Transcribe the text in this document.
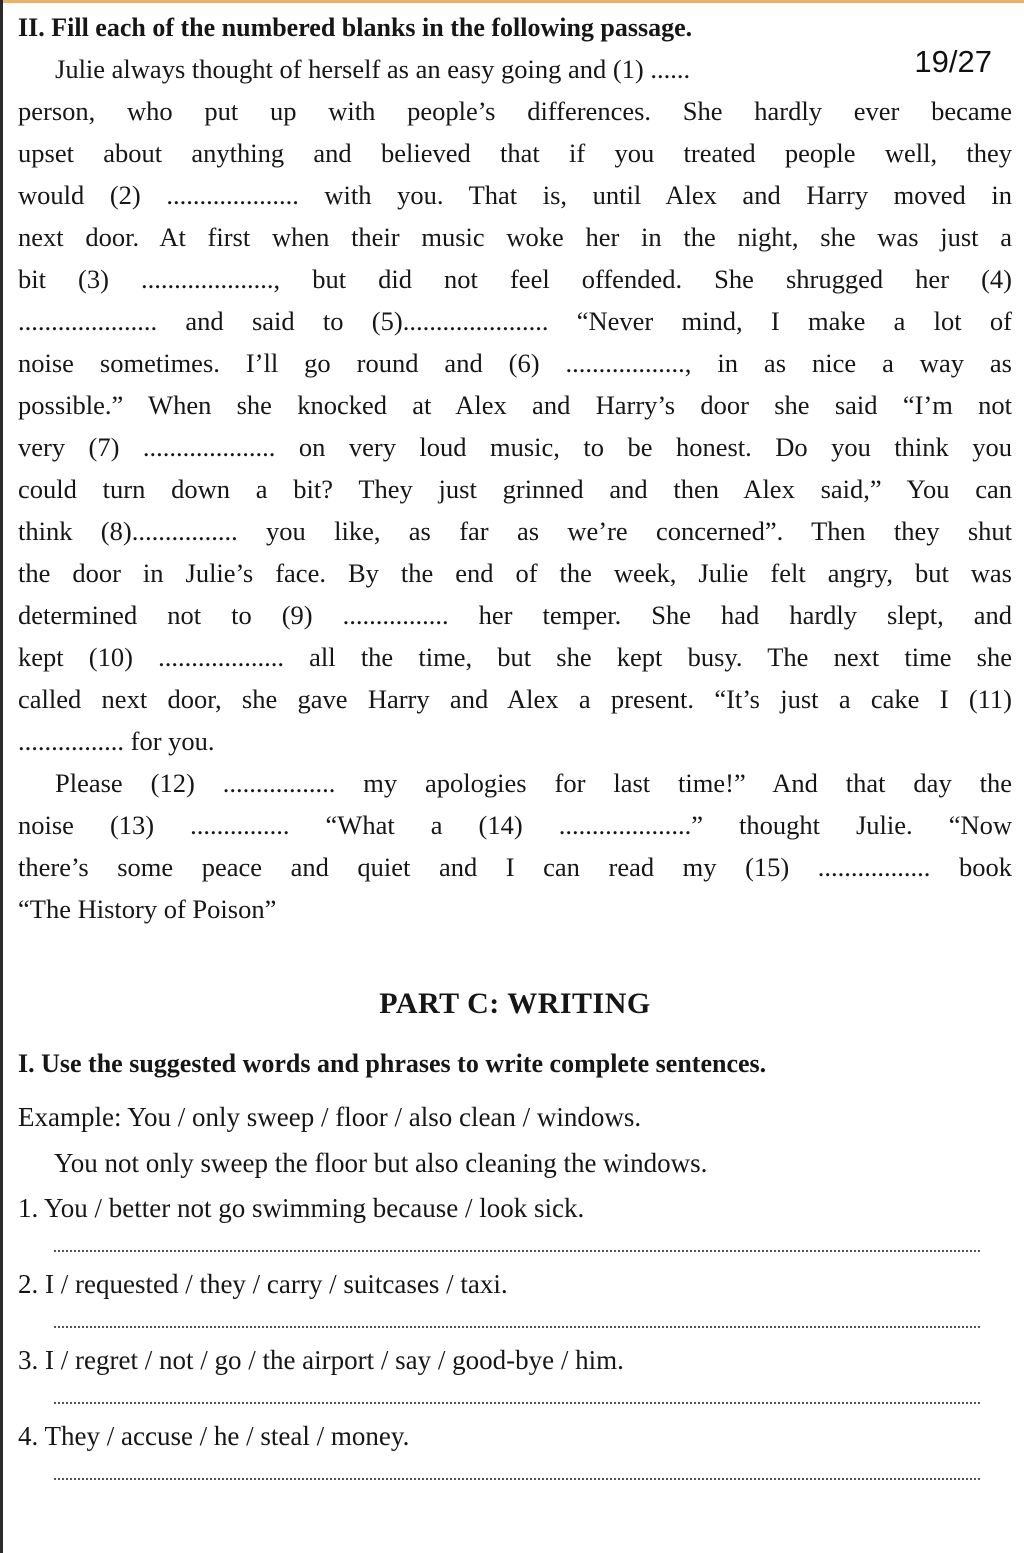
19/27
II. Fill each of the numbered blanks in the following passage.
Julie always thought of herself as an easy going and (1) ......
person, who put up with people’s differences. She hardly ever became
upset about anything and believed that if you treated people well, they
would (2) .................... with you. That is, until Alex and Harry moved in
next door. At first when their music woke her in the night, she was just a
bit (3) ...................., but did not feel offended. She shrugged her (4)
..................... and said to (5)...................... “Never mind, I make a lot of
noise sometimes. I’ll go round and (6) .................., in as nice a way as
possible.” When she knocked at Alex and Harry’s door she said “I’m not
very (7) .................... on very loud music, to be honest. Do you think you
could turn down a bit? They just grinned and then Alex said,” You can
think (8)................ you like, as far as we’re concerned”. Then they shut
the door in Julie’s face. By the end of the week, Julie felt angry, but was
determined not to (9) ................ her temper. She had hardly slept, and
kept (10) ................... all the time, but she kept busy. The next time she
called next door, she gave Harry and Alex a present. “It’s just a cake I (11)
................ for you.
Please (12) ................. my apologies for last time!” And that day the
noise (13) ............... “What a (14) ....................” thought Julie. “Now
there’s some peace and quiet and I can read my (15) ................. book
“The History of Poison”
PART C: WRITING
I. Use the suggested words and phrases to write complete sentences.
Example: You / only sweep / floor / also clean / windows.
You not only sweep the floor but also cleaning the windows.
1. You / better not go swimming because / look sick.
2. I / requested / they / carry / suitcases / taxi.
3. I / regret / not / go / the airport / say / good-bye / him.
4. They / accuse / he / steal / money.
